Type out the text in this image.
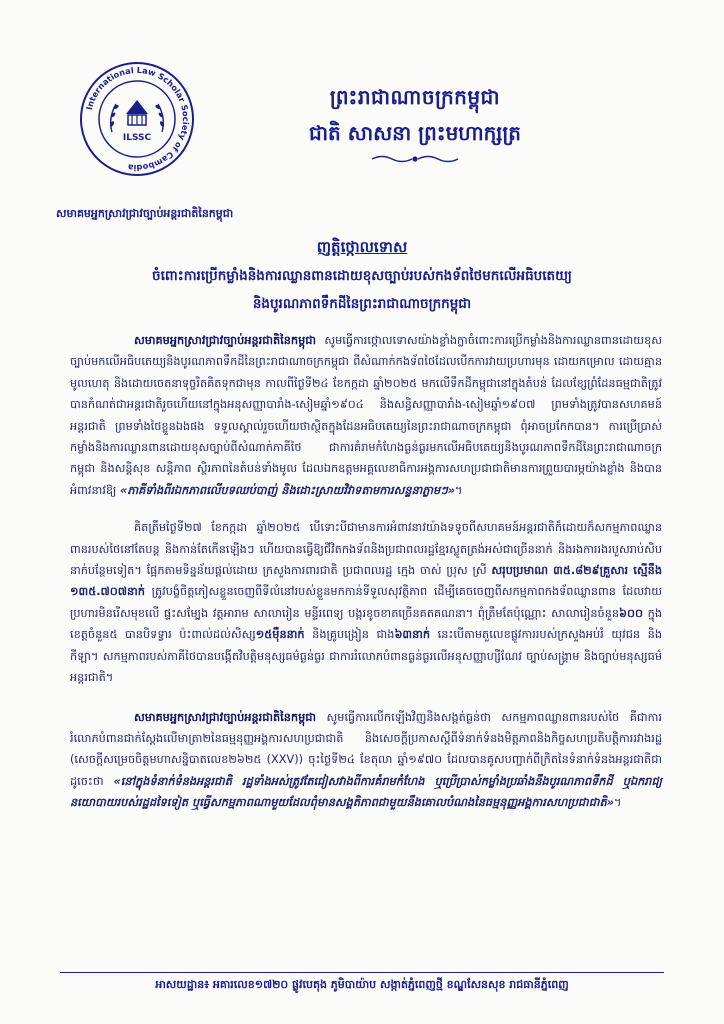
International Law Scholar Society of Cambodia
ILSSC
ព្រះរាជាណាចក្រកម្ពុជា
ជាតិ សាសនា ព្រះមហាក្សត្រ
សមាគមអ្នកស្រាវជ្រាវច្បាប់អន្តរជាតិនៃកម្ពុជា
ញត្តិថ្កោលទោស
ចំពោះការប្រើកម្លាំងនិងការឈ្លានពានដោយខុសច្បាប់របស់កងទ័ពថៃមកលើអធិបតេយ្យ
និងបូរណភាពទឹកដីនៃព្រះរាជាណាចក្រកម្ពុជា

សមាគមអ្នកស្រាវជ្រាវច្បាប់អន្តរជាតិនៃកម្ពុជា សូមធ្វើការថ្កោលទោសយ៉ាងខ្លាំងក្លាចំពោះការប្រើកម្លាំងនិងការឈ្លានពានដោយខុសច្បាប់មកលើអធិបតេយ្យនិងបូរណភាពទឹកដីនៃព្រះរាជាណាចក្រកម្ពុជា ពីសំណាក់កងទ័ពថៃដែលបើកការវាយប្រហារមុន ដោយកម្រោល ដោយគ្មានមូលហេតុ និងដោយចេតនាទុច្ចរិតគិតទុកជាមុន កាលពីថ្ងៃទី២៤ ខែកក្កដា ឆ្នាំ២០២៥ មកលើទឹកដីកម្ពុជានៅក្នុងតំបន់ ដែលខ្សែព្រំដែនធម្មជាតិត្រូវបានកំណត់ជាអន្តរជាតិរួចហើយនៅក្នុងអនុសញ្ញាបារាំង-សៀមឆ្នាំ១៩០៤ និងសន្ធិសញ្ញាបារាំង-សៀមឆ្នាំ១៩០៧ ព្រមទាំងត្រូវបានសហគមន៍អន្តរជាតិ ព្រមទាំងថៃខ្លួនឯងផង ទទួលស្គាល់រួចហើយថាស្ថិតក្នុងដែនអធិបតេយ្យនៃព្រះរាជាណាចក្រកម្ពុជា ពុំអាចប្រកែកបាន។ ការប្រើប្រាស់កម្លាំងនិងការឈ្លានពានដោយខុសច្បាប់ពីសំណាក់ភាគីថៃ ជាការគំរាមកំហែងធ្ងន់ធ្ងរមកលើអធិបតេយ្យនិងបូរណភាពទឹកដីនៃព្រះរាជាណាចក្រកម្ពុជា និងសន្តិសុខ សន្តិភាព ស្ថិរភាពនៃតំបន់ទាំងមូល ដែលឯកឧត្តមអគ្គលេខាធិការអង្គការសហប្រជាជាតិមានការព្រួយបារម្ភយ៉ាងខ្លាំង និងបានអំពាវនាវឱ្យ «ភាគីទាំងពីរឯកភាពលើបទឈប់បាញ់ និងដោះស្រាយវិវាទតាមការសន្ទនាភ្លាមៗ»។

គិតត្រឹមថ្ងៃទី២៧ ខែកក្កដា ឆ្នាំ២០២៥ បើទោះបីជាមានការអំពាវនាវយ៉ាងទទូចពីសហគមន៍អន្តរជាតិក៏ដោយក៏សកម្មភាពឈ្លានពានរបស់ថៃនៅតែបន្ត និងកាន់តែកើនឡើងៗ ហើយបានធ្វើឱ្យជីវិតកងទ័ពនិងប្រជាពលរដ្ឋខ្មែរស្លូតត្រង់អស់ជាច្រើននាក់ និងរងការរងរបួសរាប់សិបនាក់បន្ថែមទៀត។ ផ្អែកតាមទិន្នន័យផ្តល់ដោយ ក្រសួងការពារជាតិ ប្រជាពលរដ្ឋ ក្មេង ចាស់ ប្រុស ស្រី សរុបប្រមាណ ៣៥.៨២៩គ្រួសារ ស្មើនឹង ១៣៥.៧០៧នាក់ ត្រូវបង្ខំចិត្តភៀសខ្លួនចេញពីទីលំនៅរបស់ខ្លួនមកកាន់ទីទួលសុវត្ថិភាព ដើម្បីគេចចេញពីសកម្មភាពកងទ័ពឈ្លានពាន ដែលវាយប្រហារមិនរើសមុខលើ ផ្ទះសម្បែង វត្តអារាម សាលារៀន មន្ទីរពេទ្យ បង្ករខូចខាតច្រើនគតគណនា។ ពុំត្រឹមតែប៉ុណ្ណោះ សាលារៀនចំនួន៦០០ ក្នុងខេត្តចំនួន៥ បានបិទទ្វារ ប៉ះពាល់ដល់សិស្ស១៥ម៉ឺននាក់ និងគ្រូបង្រៀន ជាង៦៣នាក់ នេះបើតាមតួលេខផ្លូវការរបស់ក្រសួងអប់រំ យុវជន និងកីឡា។ សកម្មភាពរបស់ភាគីថៃបានបង្កើតវិបត្តិមនុស្សធម៌ធ្ងន់ធ្ងរ ជាការរំលោភបំពានធ្ងន់ធ្ងរលើអនុសញ្ញាហ្សឺណែវ ច្បាប់សង្គ្រាម និងច្បាប់មនុស្សធម៌អន្តរជាតិ។

សមាគមអ្នកស្រាវជ្រាវច្បាប់អន្តរជាតិនៃកម្ពុជា សូមធ្វើការលើកឡើងវិញនិងសង្កត់ធ្ងន់ថា សកម្មភាពឈ្លានពានរបស់ថៃ គឺជាការរំលោភបំពានជាក់ស្តែងលើមាត្រា២នៃធម្មនុញ្ញអង្គការសហប្រជាជាតិ និងសេចក្តីប្រកាសស្តីពីទំនាក់ទំនងមិត្តភាពនិងកិច្ចសហប្រតិបត្តិការរវាងរដ្ឋ (សេចក្តីសម្រេចចិត្តមហាសន្និបាតលេខ២៦២៥ (XXV)) ចុះថ្ងៃទី២៤ ខែតុលា ឆ្នាំ១៩៧០ ដែលបានគូសបញ្ជាក់ពីក្រិតនៃទំនាក់ទំនងអន្តរជាតិជាដូចេះថា «នៅក្នុងទំនាក់ទំនងអន្តរជាតិ រដ្ឋទាំងអស់ត្រូវតែជៀសវាងពីការគំរាមកំហែង ឬប្រើប្រាស់កម្លាំងប្រឆាំងនឹងបូរណភាពទឹកដី ឬឯករាជ្យនយោបាយរបស់រដ្ឋដទៃទៀត ឬធ្វើសកម្មភាពណាមួយដែលពុំមានសង្គតិភាពជាមួយនឹងគោលបំណងនៃធម្មនុញ្ញអង្គការសហប្រជាជាតិ»។

អាសយដ្ឋាន៖ អគារលេខ១៧២០ ផ្លូវបេតុង ភូមិបាយ៉ាប សង្កាត់ភ្នំពេញថ្មី ខណ្ឌសែនសុខ រាជធានីភ្នំពេញ
